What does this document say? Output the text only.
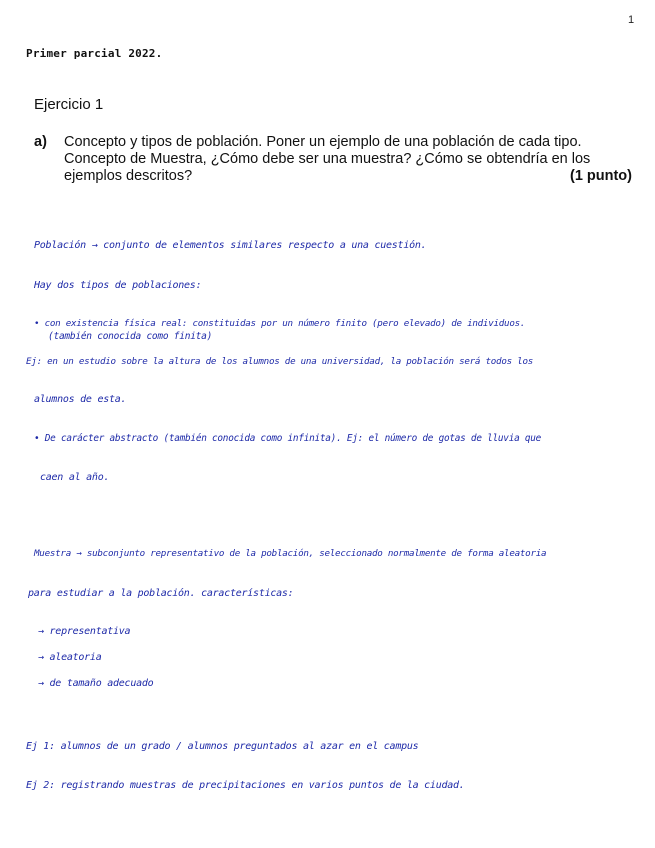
1
Primer parcial 2022.
Ejercicio 1
a) Concepto y tipos de población. Poner un ejemplo de una población de cada tipo.
Concepto de Muestra, ¿Cómo debe ser una muestra? ¿Cómo se obtendría en los
ejemplos descritos?	(1 punto)
Población → conjunto de elementos similares respecto a una cuestión.
Hay dos tipos de poblaciones:
• con existencia física real: constituidas por un número finito (pero elevado) de individuos.
(también conocida como finita)
Ej: en un estudio sobre la altura de los alumnos de una universidad, la población será todos los
alumnos de esta.
• De carácter abstracto (también conocida como infinita). Ej: el número de gotas de lluvia que
caen al año.
Muestra → subconjunto representativo de la población, seleccionado normalmente de forma aleatoria
para estudiar a la población. características:
→ representativa
→ aleatoria
→ de tamaño adecuado
Ej 1: alumnos de un grado / alumnos preguntados al azar en el campus
Ej 2: registrando muestras de precipitaciones en varios puntos de la ciudad.
